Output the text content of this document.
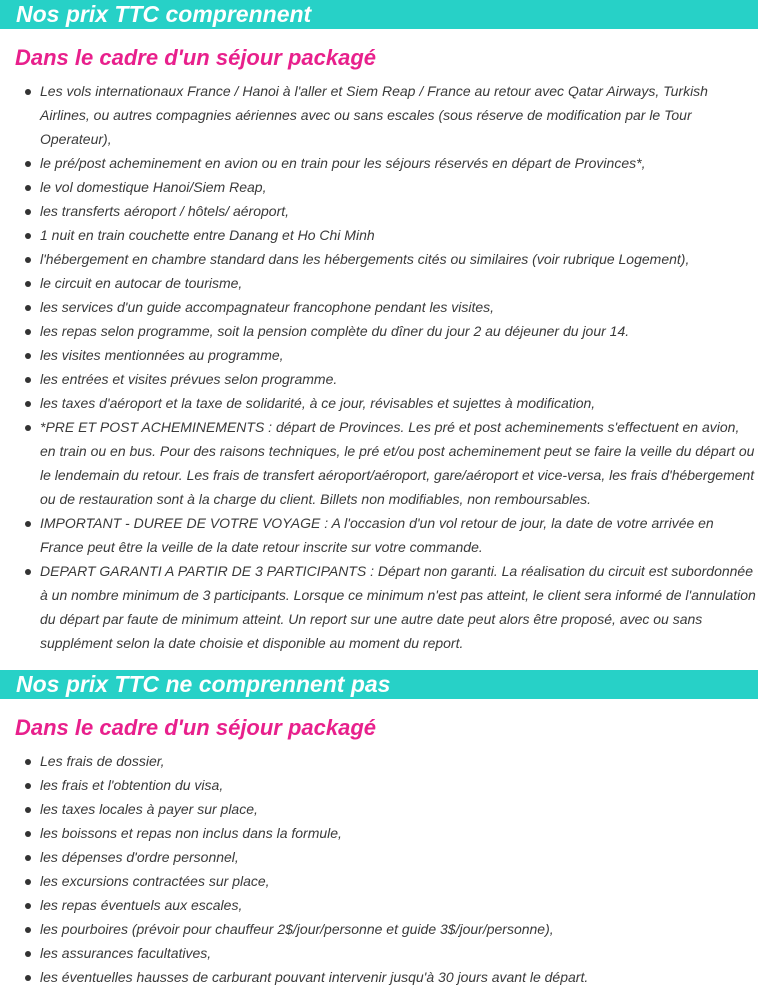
Nos prix TTC comprennent
Dans le cadre d'un séjour packagé
Les vols internationaux France / Hanoi à l'aller et Siem Reap / France au retour avec Qatar Airways, Turkish Airlines, ou autres compagnies aériennes avec ou sans escales (sous réserve de modification par le Tour Operateur),
le pré/post acheminement en avion ou en train pour les séjours réservés en départ de Provinces*,
le vol domestique Hanoi/Siem Reap,
les transferts aéroport / hôtels/ aéroport,
1 nuit en train couchette entre Danang et Ho Chi Minh
l'hébergement en chambre standard dans les hébergements cités ou similaires (voir rubrique Logement),
le circuit en autocar de tourisme,
les services d'un guide accompagnateur francophone pendant les visites,
les repas selon programme, soit la pension complète du dîner du jour 2 au déjeuner du jour 14.
les visites mentionnées au programme,
les entrées et visites prévues selon programme.
les taxes d'aéroport et la taxe de solidarité, à ce jour, révisables et sujettes à modification,
*PRE ET POST ACHEMINEMENTS : départ de Provinces. Les pré et post acheminements s'effectuent en avion, en train ou en bus. Pour des raisons techniques, le pré et/ou post acheminement peut se faire la veille du départ ou le lendemain du retour. Les frais de transfert aéroport/aéroport, gare/aéroport et vice-versa, les frais d'hébergement ou de restauration sont à la charge du client. Billets non modifiables, non remboursables.
IMPORTANT - DUREE DE VOTRE VOYAGE : A l'occasion d'un vol retour de jour, la date de votre arrivée en France peut être la veille de la date retour inscrite sur votre commande.
DEPART GARANTI A PARTIR DE 3 PARTICIPANTS : Départ non garanti. La réalisation du circuit est subordonnée à un nombre minimum de 3 participants. Lorsque ce minimum n'est pas atteint, le client sera informé de l'annulation du départ par faute de minimum atteint. Un report sur une autre date peut alors être proposé, avec ou sans supplément selon la date choisie et disponible au moment du report.
Nos prix TTC ne comprennent pas
Dans le cadre d'un séjour packagé
Les frais de dossier,
les frais et l'obtention du visa,
les taxes locales à payer sur place,
les boissons et repas non inclus dans la formule,
les dépenses d'ordre personnel,
les excursions contractées sur place,
les repas éventuels aux escales,
les pourboires (prévoir pour chauffeur 2$/jour/personne et guide 3$/jour/personne),
les assurances facultatives,
les éventuelles hausses de carburant pouvant intervenir jusqu'à 30 jours avant le départ.
